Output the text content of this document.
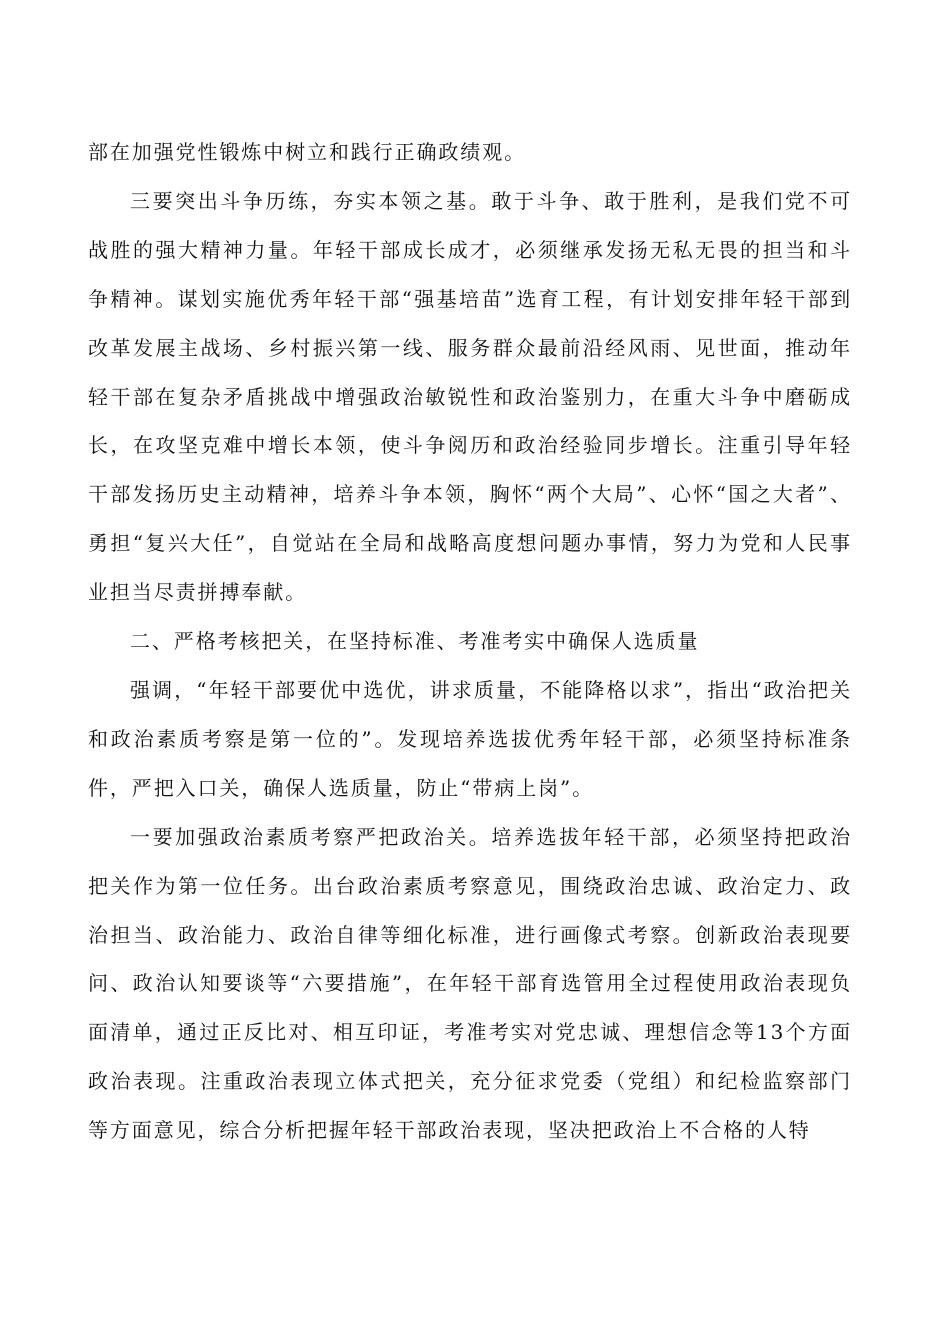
部在加强党性锻炼中树立和践行正确政绩观。

三要突出斗争历练，夯实本领之基。敢于斗争、敢于胜利，是我们党不可战胜的强大精神力量。年轻干部成长成才，必须继承发扬无私无畏的担当和斗争精神。谋划实施优秀年轻干部“强基培苗”选育工程，有计划安排年轻干部到改革发展主战场、乡村振兴第一线、服务群众最前沿经风雨、见世面，推动年轻干部在复杂矛盾挑战中增强政治敏锐性和政治鉴别力，在重大斗争中磨砺成长，在攻坚克难中增长本领，使斗争阅历和政治经验同步增长。注重引导年轻干部发扬历史主动精神，培养斗争本领，胸怀“两个大局”、心怀“国之大者”、勇担“复兴大任”，自觉站在全局和战略高度想问题办事情，努力为党和人民事业担当尽责拼搏奉献。

二、严格考核把关，在坚持标准、考准考实中确保人选质量

强调，“年轻干部要优中选优，讲求质量，不能降格以求”，指出“政治把关和政治素质考察是第一位的”。发现培养选拔优秀年轻干部，必须坚持标准条件，严把入口关，确保人选质量，防止“带病上岗”。

一要加强政治素质考察严把政治关。培养选拔年轻干部，必须坚持把政治把关作为第一位任务。出台政治素质考察意见，围绕政治忠诚、政治定力、政治担当、政治能力、政治自律等细化标准，进行画像式考察。创新政治表现要问、政治认知要谈等“六要措施”，在年轻干部育选管用全过程使用政治表现负面清单，通过正反比对、相互印证，考准考实对党忠诚、理想信念等13个方面政治表现。注重政治表现立体式把关，充分征求党委（党组）和纪检监察部门等方面意见，综合分析把握年轻干部政治表现，坚决把政治上不合格的人特
